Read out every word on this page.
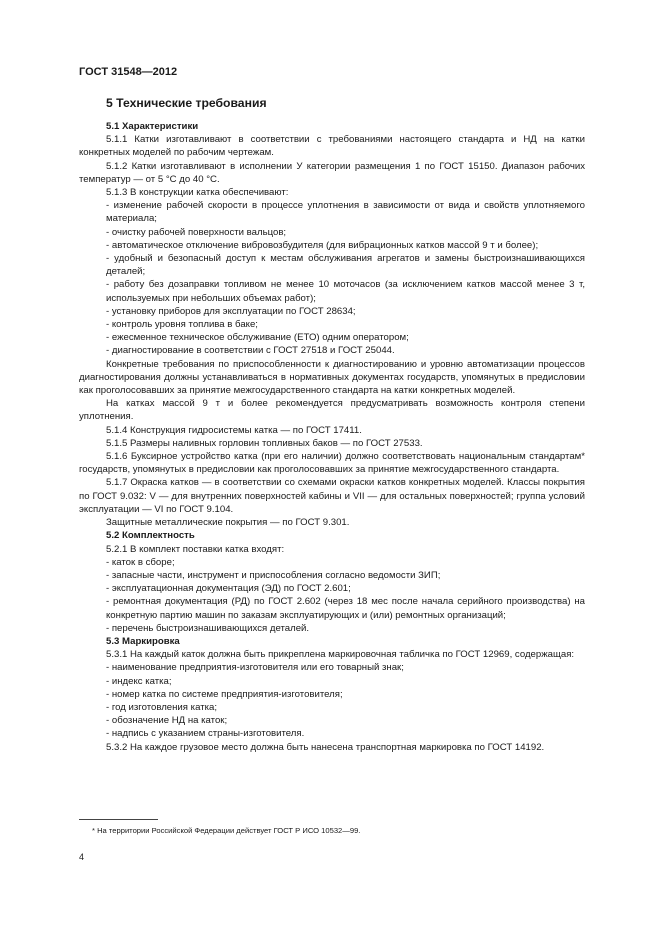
ГОСТ 31548—2012
5 Технические требования
5.1 Характеристики

5.1.1 Катки изготавливают в соответствии с требованиями настоящего стандарта и НД на катки конкретных моделей по рабочим чертежам.

5.1.2 Катки изготавливают в исполнении У категории размещения 1 по ГОСТ 15150. Диапазон рабочих температур — от 5 °С до 40 °С.

5.1.3 В конструкции катка обеспечивают:

- изменение рабочей скорости в процессе уплотнения в зависимости от вида и свойств уплотняемого материала;

- очистку рабочей поверхности вальцов;

- автоматическое отключение вибровозбудителя (для вибрационных катков массой 9 т и более);

- удобный и безопасный доступ к местам обслуживания агрегатов и замены быстроизнашивающихся деталей;

- работу без дозаправки топливом не менее 10 моточасов (за исключением катков массой менее 3 т, используемых при небольших объемах работ);

- установку приборов для эксплуатации по ГОСТ 28634;

- контроль уровня топлива в баке;

- ежесменное техническое обслуживание (ЕТО) одним оператором;

- диагностирование в соответствии с ГОСТ 27518 и ГОСТ 25044.

Конкретные требования по приспособленности к диагностированию и уровню автоматизации процессов диагностирования должны устанавливаться в нормативных документах государств, упомянутых в предисловии как проголосовавших за принятие межгосударственного стандарта на катки конкретных моделей.

На катках массой 9 т и более рекомендуется предусматривать возможность контроля степени уплотнения.

5.1.4 Конструкция гидросистемы катка — по ГОСТ 17411.

5.1.5 Размеры наливных горловин топливных баков — по ГОСТ 27533.

5.1.6 Буксирное устройство катка (при его наличии) должно соответствовать национальным стандартам* государств, упомянутых в предисловии как проголосовавших за принятие межгосударственного стандарта.

5.1.7 Окраска катков — в соответствии со схемами окраски катков конкретных моделей. Классы покрытия по ГОСТ 9.032: V — для внутренних поверхностей кабины и VII — для остальных поверхностей; группа условий эксплуатации — VI по ГОСТ 9.104.

Защитные металлические покрытия — по ГОСТ 9.301.

5.2 Комплектность

5.2.1 В комплект поставки катка входят:

- каток в сборе;

- запасные части, инструмент и приспособления согласно ведомости ЗИП;

- эксплуатационная документация (ЭД) по ГОСТ 2.601;

- ремонтная документация (РД) по ГОСТ 2.602 (через 18 мес после начала серийного производства) на конкретную партию машин по заказам эксплуатирующих и (или) ремонтных организаций;

- перечень быстроизнашивающихся деталей.

5.3 Маркировка

5.3.1 На каждый каток должна быть прикреплена маркировочная табличка по ГОСТ 12969, содержащая:

- наименование предприятия-изготовителя или его товарный знак;

- индекс катка;

- номер катка по системе предприятия-изготовителя;

- год изготовления катка;

- обозначение НД на каток;

- надпись с указанием страны-изготовителя.

5.3.2 На каждое грузовое место должна быть нанесена транспортная маркировка по ГОСТ 14192.

* На территории Российской Федерации действует ГОСТ Р ИСО 10532—99.
4
